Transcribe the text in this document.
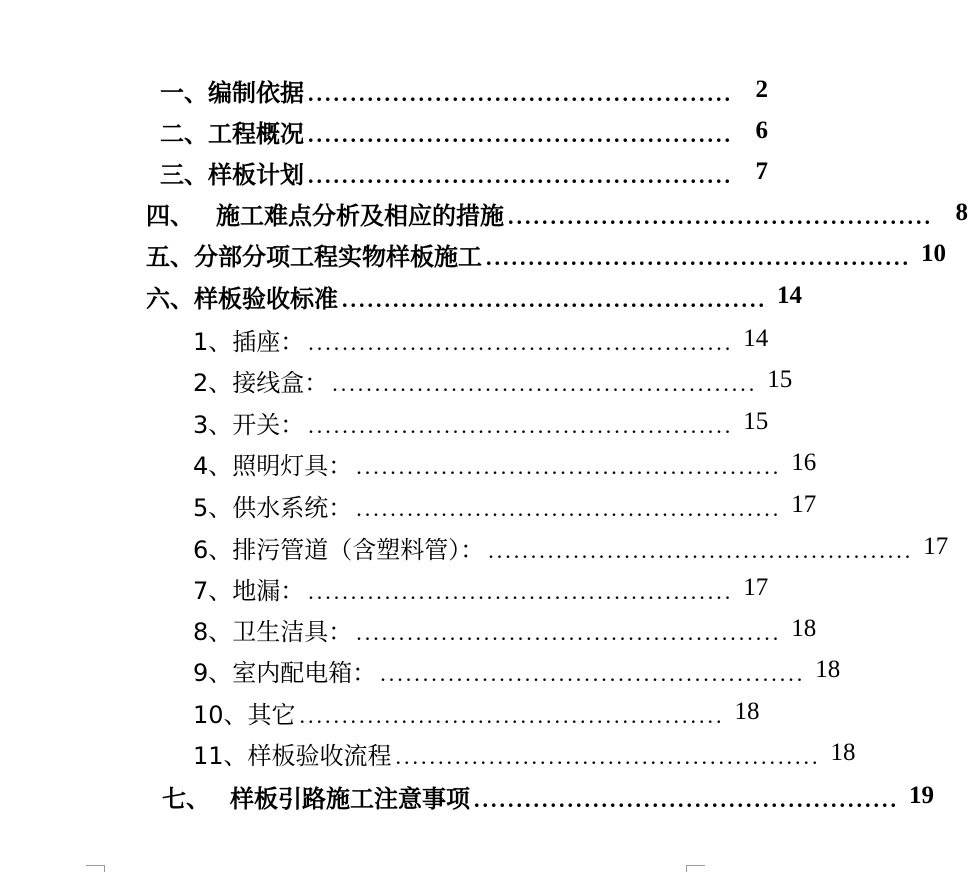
一、编制依据 .................................................. 2
二、工程概况 .................................................. 6
三、样板计划 .................................................. 7
四、 施工难点分析及相应的措施 .................................................. 8
五、分部分项工程实物样板施工 .................................................. 10
六、样板验收标准 .................................................. 14
1、插座： .................................................. 14
2、接线盒： .................................................. 15
3、开关： .................................................. 15
4、照明灯具： .................................................. 16
5、供水系统： .................................................. 17
6、排污管道（含塑料管）： .................................................. 17
7、地漏： .................................................. 17
8、卫生洁具： .................................................. 18
9、室内配电箱： .................................................. 18
10、其它 .................................................. 18
11、样板验收流程 .................................................. 18
七、 样板引路施工注意事项 .................................................. 19
